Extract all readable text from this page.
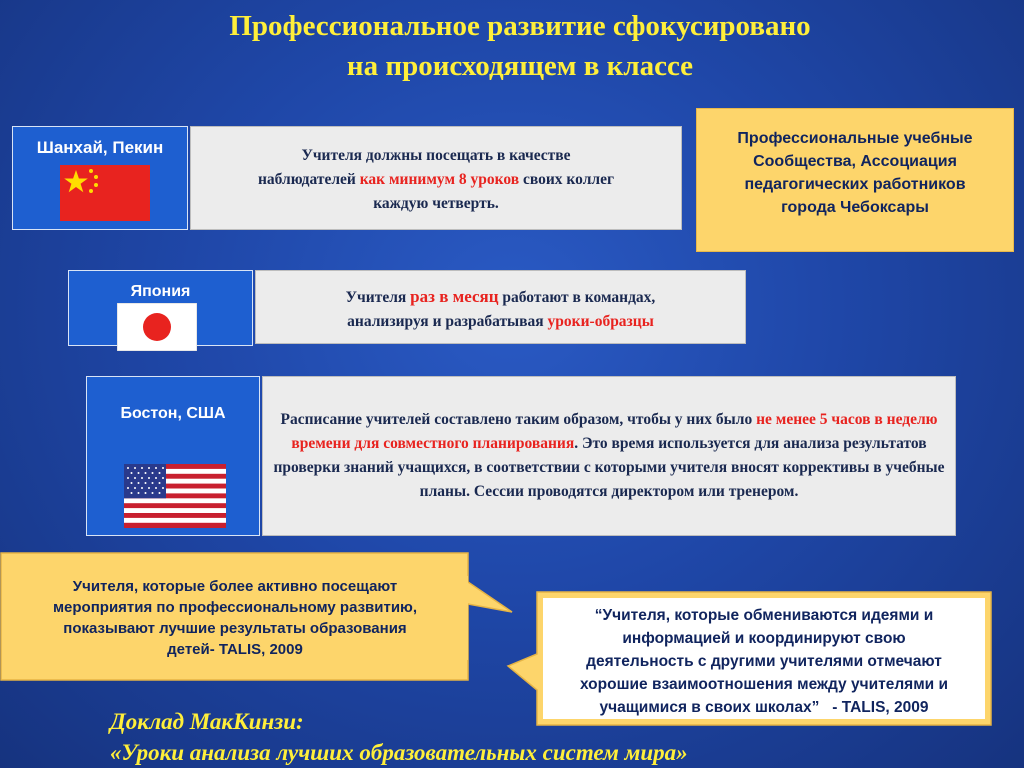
Профессиональное развитие сфокусировано
на происходящем в классе
Шанхай, Пекин	Учителя должны посещать в качестве
наблюдателей как минимум 8 уроков своих коллег
каждую четверть.
Профессиональные учебные
Сообщества, Ассоциация
педагогических работников
города Чебоксары
Япония	Учителя раз в месяц работают в командах,
анализируя и разрабатывая уроки-образцы
Бостон, США	Расписание учителей составлено таким образом, чтобы у них было не менее 5 часов в неделю времени для совместного планирования. Это время используется для анализа результатов проверки знаний учащихся, в соответствии с которыми учителя вносят коррективы в учебные планы. Сессии проводятся директором или тренером.
Учителя, которые более активно посещают
мероприятия по профессиональному развитию,
показывают лучшие результаты образования
детей- TALIS, 2009
“Учителя, которые обмениваются идеями и
информацией и координируют свою
деятельность с другими учителями отмечают
хорошие взаимоотношения между учителями и
учащимися в своих школах”   - TALIS, 2009
Доклад МакКинзи:
«Уроки анализа лучших образовательных систем мира»
